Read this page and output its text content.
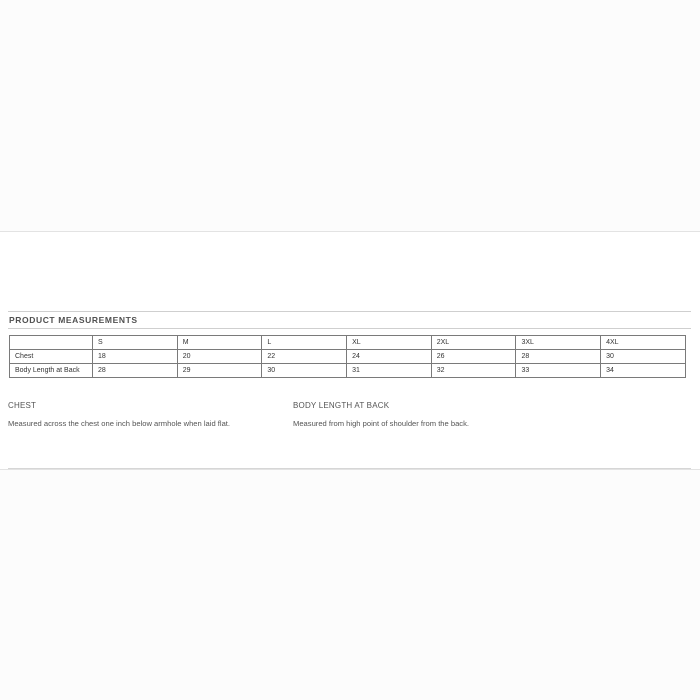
PRODUCT MEASUREMENTS
	S	M	L	XL	2XL	3XL	4XL
Chest	18	20	22	24	26	28	30
Body Length at Back	28	29	30	31	32	33	34
CHEST
Measured across the chest one inch below armhole when laid flat.
BODY LENGTH AT BACK
Measured from high point of shoulder from the back.
